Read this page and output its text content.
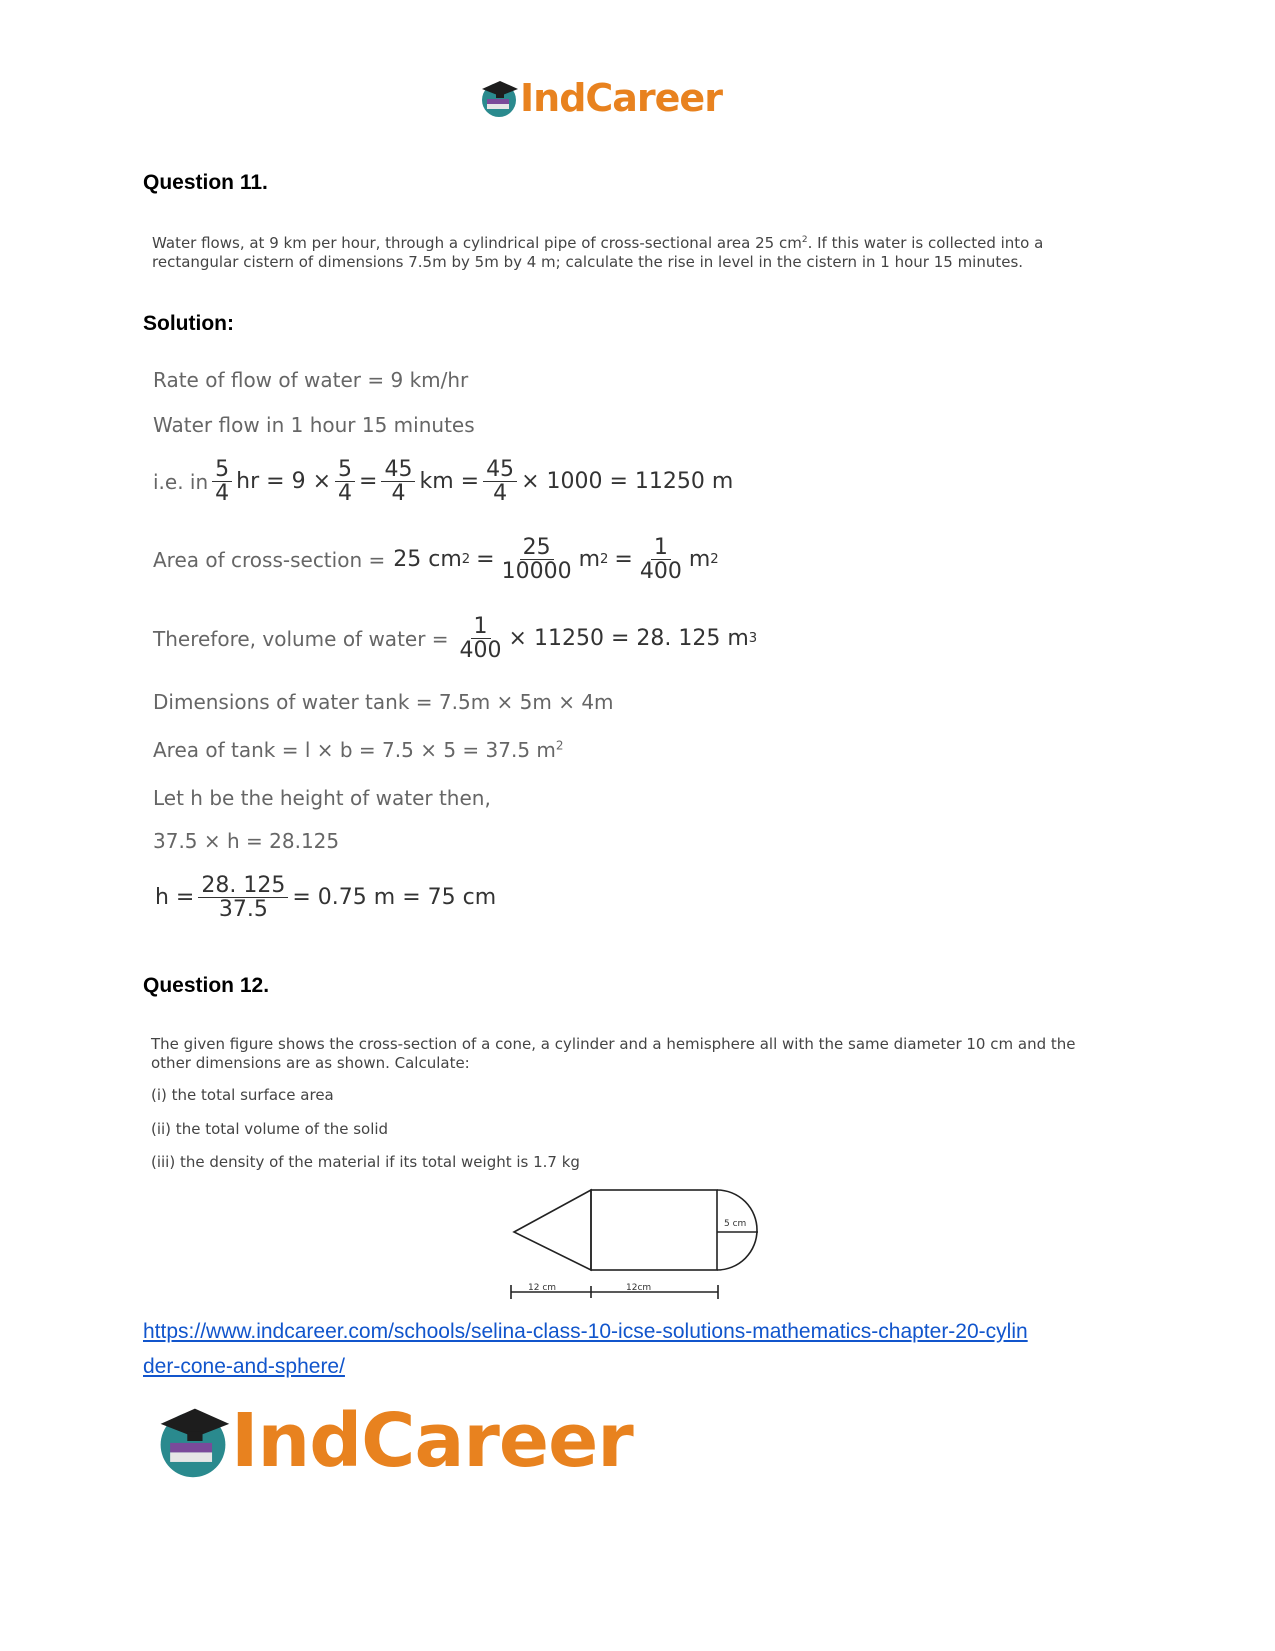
IndCareer
Question 11.
Water flows, at 9 km per hour, through a cylindrical pipe of cross-sectional area 25 $cm^2$. If this water is collected into a rectangular cistern of dimensions 7.5m by 5m by 4 m; calculate the rise in level in the cistern in 1 hour 15 minutes.
Solution:
Rate of flow of water = 9 km/hr
Water flow in 1 hour 15 minutes
i.e. in $\frac{5}{4}$ hr = $9 \times \frac{5}{4} = \frac{45}{4}$ km = $\frac{45}{4} \times 1000 = 11250$ m
Area of cross-section = 25 cm $2 = \frac{25}{10000}$ m $2 = \frac{1}{400}$ m 2
Therefore, volume of water = $\frac{1}{400} \times 11250 = 28$. 125 m 3
Dimensions of water tank = 7.5m × 5m × 4m
Area of tank = l × b = 7.5 × 5 = 37.5 $m^2$
Let h be the height of water then,
37.5 × h = 28.125
$h = \frac{28. 125}{37.5} = 0.75$ m = 75 cm
Question 12.
The given figure shows the cross-section of a cone, a cylinder and a hemisphere all with the same diameter 10 cm and the other dimensions are as shown. Calculate:
(i) the total surface area
(ii) the total volume of the solid
(iii) the density of the material if its total weight is 1.7 kg
5 cm
12 cm	12cm
https://www.indcareer.com/schools/selina-class-10-icse-solutions-mathematics-chapter-20-cylin
der-cone-and-sphere/
IndCareer
